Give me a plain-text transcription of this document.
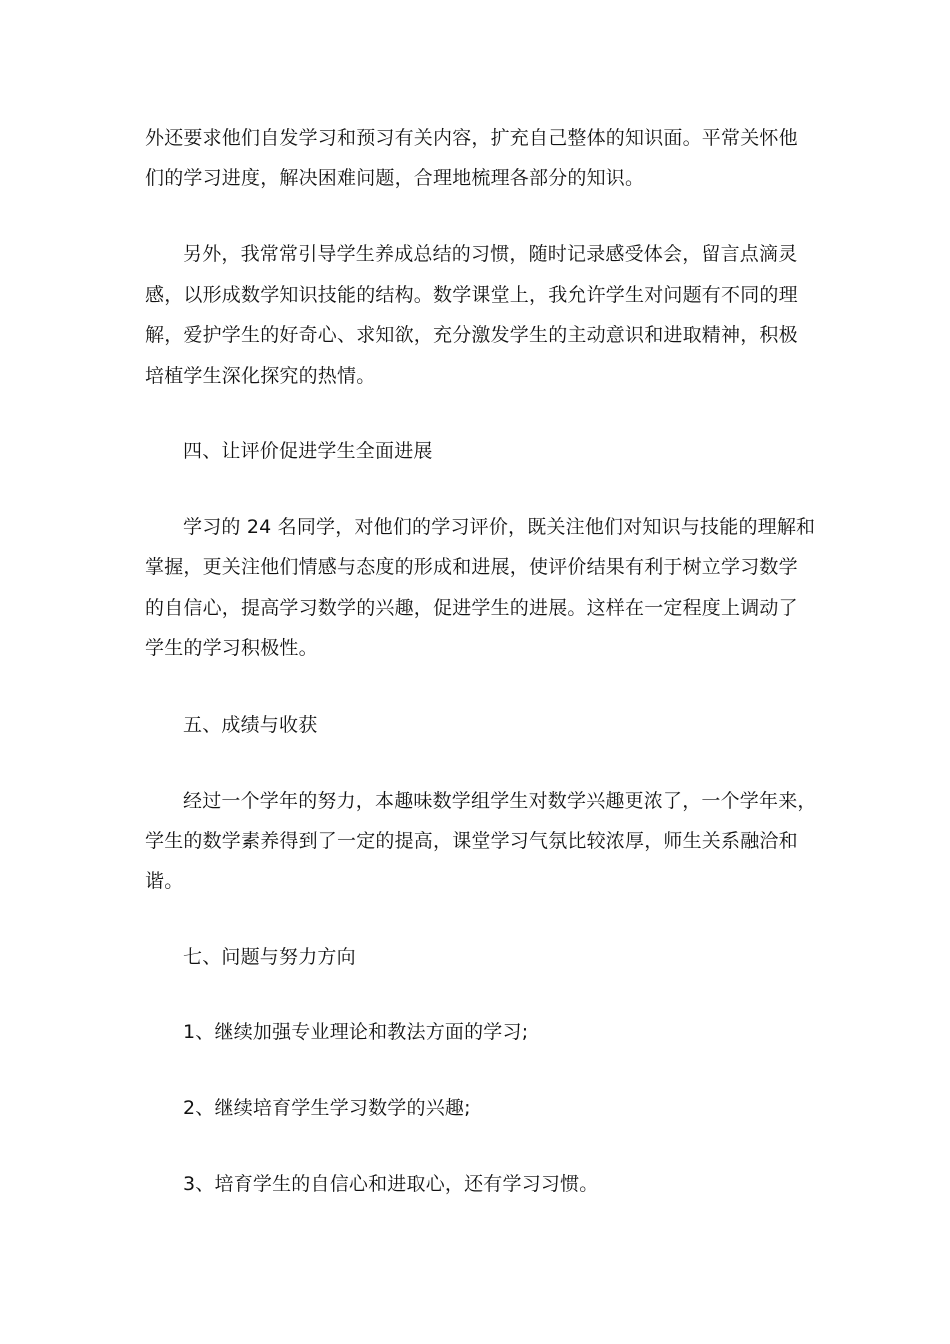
外还要求他们自发学习和预习有关内容，扩充自己整体的知识面。平常关怀他
们的学习进度，解决困难问题，合理地梳理各部分的知识。
另外，我常常引导学生养成总结的习惯，随时记录感受体会，留言点滴灵
感，以形成数学知识技能的结构。数学课堂上，我允许学生对问题有不同的理
解，爱护学生的好奇心、求知欲，充分激发学生的主动意识和进取精神，积极
培植学生深化探究的热情。
四、让评价促进学生全面进展
学习的 24 名同学，对他们的学习评价，既关注他们对知识与技能的理解和
掌握，更关注他们情感与态度的形成和进展，使评价结果有利于树立学习数学
的自信心，提高学习数学的兴趣，促进学生的进展。这样在一定程度上调动了
学生的学习积极性。
五、成绩与收获
经过一个学年的努力，本趣味数学组学生对数学兴趣更浓了，一个学年来，
学生的数学素养得到了一定的提高，课堂学习气氛比较浓厚，师生关系融洽和
谐。
七、问题与努力方向
1、继续加强专业理论和教法方面的学习;
2、继续培育学生学习数学的兴趣;
3、培育学生的自信心和进取心，还有学习习惯。
